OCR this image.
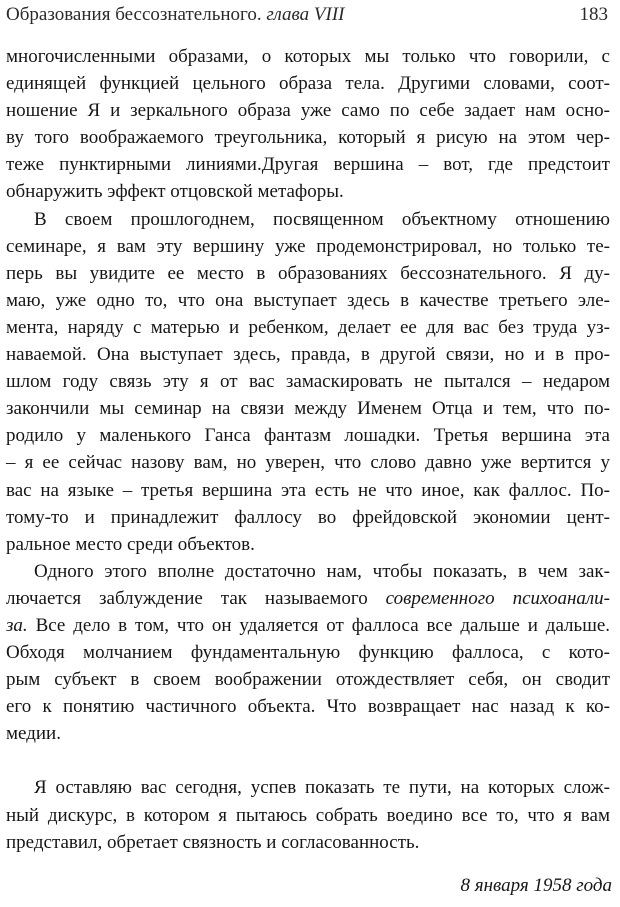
Образования бессознательного. глава VIII	183
многочисленными образами, о которых мы только что говорили, с
единящей функцией цельного образа тела. Другими словами, соот-
ношение Я и зеркального образа уже само по себе задает нам осно-
ву того воображаемого треугольника, который я рисую на этом чер-
теже пунктирными линиями.Другая вершина – вот, где предстоит
обнаружить эффект отцовской метафоры.
В своем прошлогоднем, посвященном объектному отношению
семинаре, я вам эту вершину уже продемонстрировал, но только те-
перь вы увидите ее место в образованиях бессознательного. Я ду-
маю, уже одно то, что она выступает здесь в качестве третьего эле-
мента, наряду с матерью и ребенком, делает ее для вас без труда уз-
наваемой. Она выступает здесь, правда, в другой связи, но и в про-
шлом году связь эту я от вас замаскировать не пытался – недаром
закончили мы семинар на связи между Именем Отца и тем, что по-
родило у маленького Ганса фантазм лошадки. Третья вершина эта
– я ее сейчас назову вам, но уверен, что слово давно уже вертится у
вас на языке – третья вершина эта есть не что иное, как фаллос. По-
тому-то и принадлежит фаллосу во фрейдовской экономии цент-
ральное место среди объектов.
Одного этого вполне достаточно нам, чтобы показать, в чем зак-
лючается заблуждение так называемого современного психоанали-
за. Все дело в том, что он удаляется от фаллоса все дальше и дальше.
Обходя молчанием фундаментальную функцию фаллоса, с кото-
рым субъект в своем воображении отождествляет себя, он сводит
его к понятию частичного объекта. Что возвращает нас назад к ко-
медии.
Я оставляю вас сегодня, успев показать те пути, на которых слож-
ный дискурс, в котором я пытаюсь собрать воедино все то, что я вам
представил, обретает связность и согласованность.
8 января 1958 года
